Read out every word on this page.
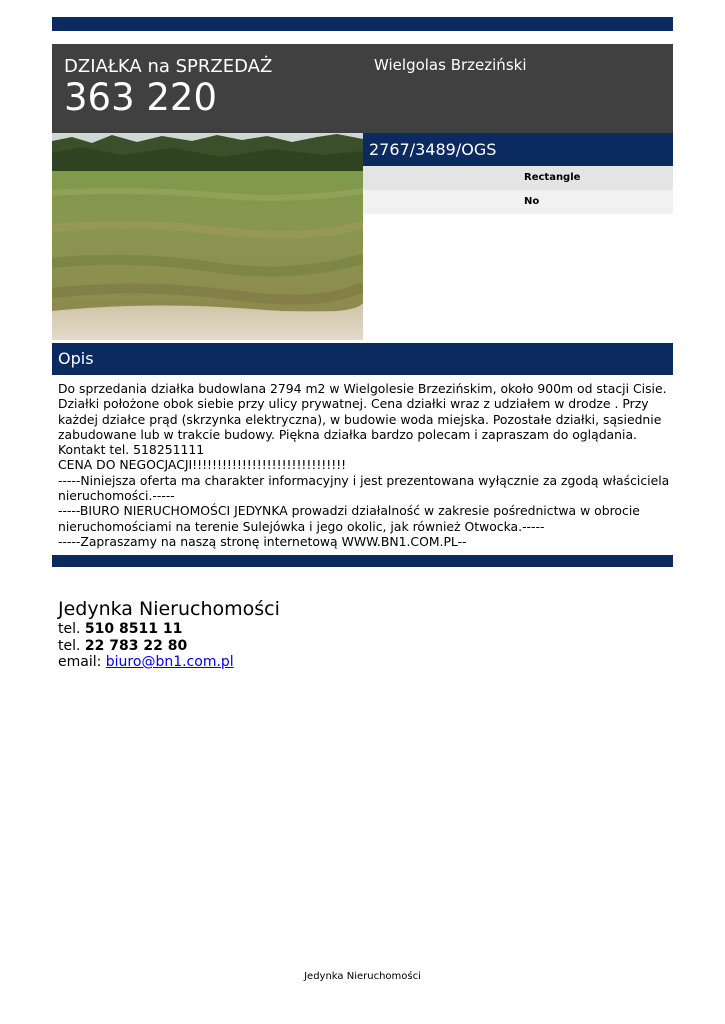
DZIAŁKA na SPRZEDAŻ
363 220
Wielgolas Brzeziński
2767/3489/OGS
Rectangle
No
Opis
Do sprzedania działka budowlana 2794 m2 w Wielgolesie Brzezińskim, około 900m od stacji Cisie.
Działki położone obok siebie przy ulicy prywatnej. Cena działki wraz z udziałem w drodze . Przy
każdej działce prąd (skrzynka elektryczna), w budowie woda miejska. Pozostałe działki, sąsiednie
zabudowane lub w trakcie budowy. Piękna działka bardzo polecam i zapraszam do oglądania.
Kontakt tel. 518251111
CENA DO NEGOCJACJI!!!!!!!!!!!!!!!!!!!!!!!!!!!!!!!
-----Niniejsza oferta ma charakter informacyjny i jest prezentowana wyłącznie za zgodą właściciela
nieruchomości.-----
-----BIURO NIERUCHOMOŚCI JEDYNKA prowadzi działalność w zakresie pośrednictwa w obrocie
nieruchomościami na terenie Sulejówka i jego okolic, jak również Otwocka.-----
-----Zapraszamy na naszą stronę internetową WWW.BN1.COM.PL--
Jedynka Nieruchomości
tel. 510 8511 11
tel. 22 783 22 80
email: biuro@bn1.com.pl
Jedynka Nieruchomości
